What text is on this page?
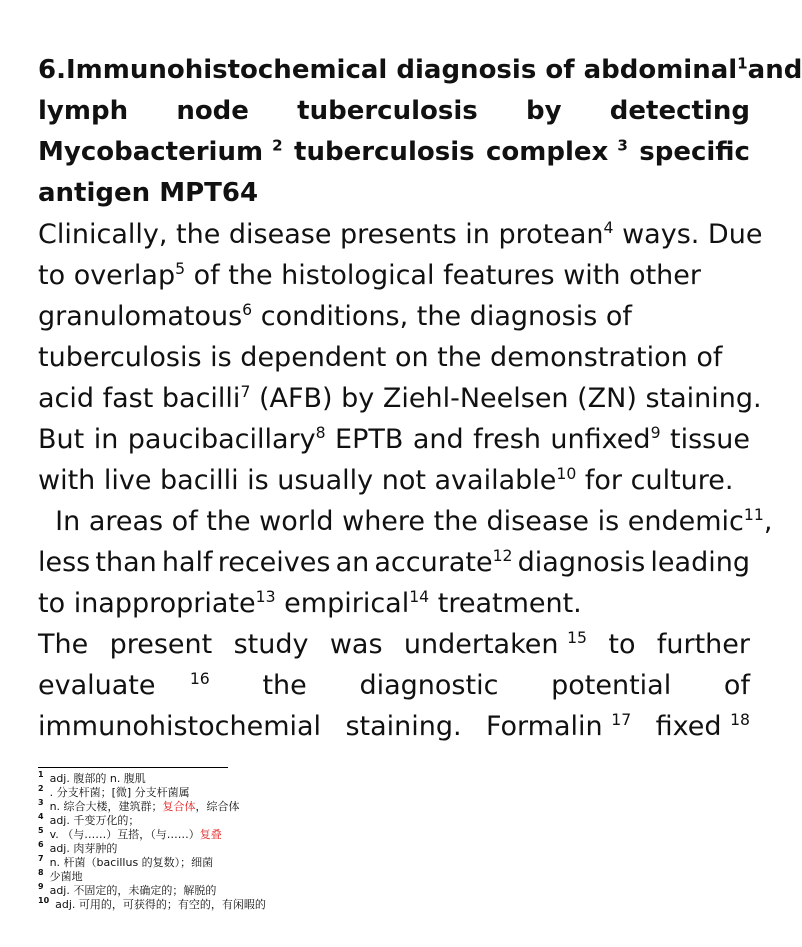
6.Immunohistochemical diagnosis of abdominal$^1$ and
lymph node tuberculosis by detecting
Mycobacterium $^2$ tuberculosis complex $^3$ specific
antigen MPT64
Clinically, the disease presents in protean$^4$ ways. Due
to overlap$^5$ of the histological features with other
granulomatous$^6$ conditions, the diagnosis of
tuberculosis is dependent on the demonstration of
acid fast bacilli$^7$ (AFB) by Ziehl-Neelsen (ZN) staining.
But in paucibacillary$^8$ EPTB and fresh unfixed$^9$ tissue
with live bacilli is usually not available$^{10}$ for culture.
In areas of the world where the disease is endemic$^{11}$,
less than half receives an accurate$^{12}$ diagnosis leading
to inappropriate$^{13}$ empirical$^{14}$ treatment.
The present study was undertaken $^{15}$ to further
evaluate $^{16}$ the diagnostic potential of
immunohistochemial staining. Formalin $^{17}$ fixed $^{18}$
$^1$ adj. 腹部的 n. 腹肌
$^2$ . 分支杆菌；[微] 分支杆菌属
$^3$ n. 综合大楼，建筑群；复合体，综合体
$^4$ adj. 千变万化的；
$^5$ v. （与……）互搭，（与……）复叠
$^6$ adj. 肉芽肿的
$^7$ n. 杆菌（bacillus 的复数）；细菌
$^8$ 少菌地
$^9$ adj. 不固定的，未确定的；解脱的
$^{10}$ adj. 可用的，可获得的；有空的，有闲暇的
